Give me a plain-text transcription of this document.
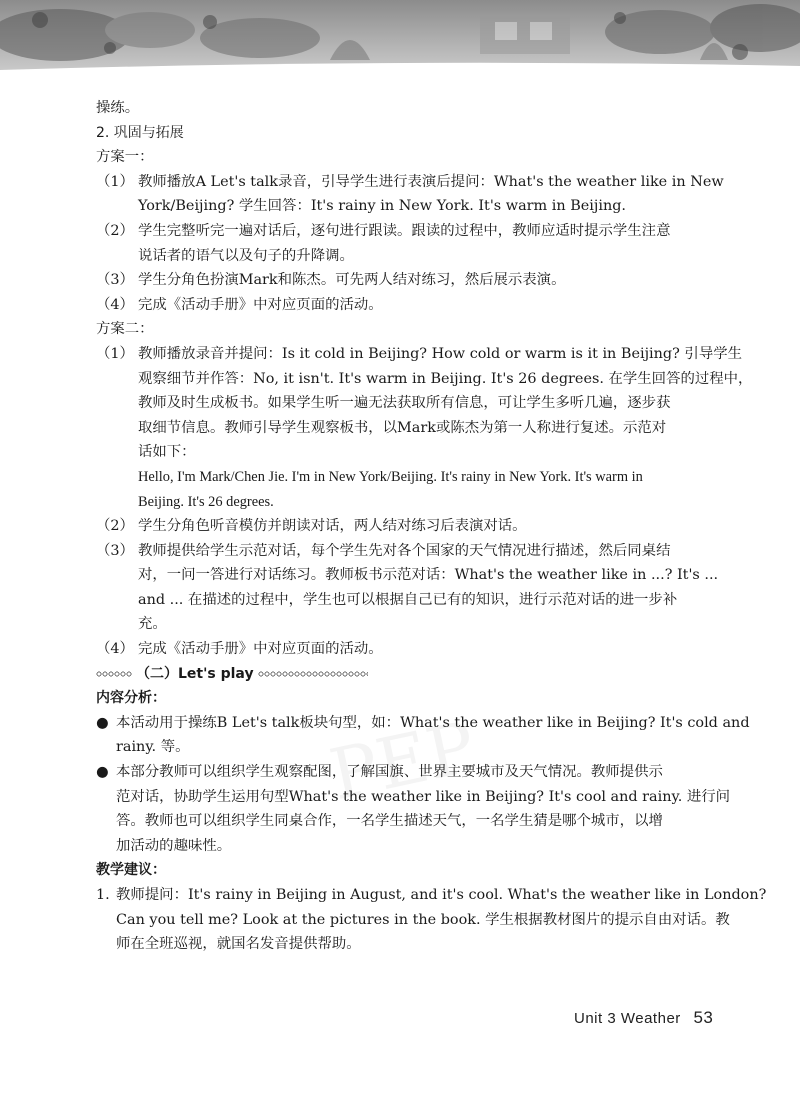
操练。
2. 巩固与拓展
方案一：
（1） 教师播放A Let's talk录音，引导学生进行表演后提问：What's the weather like in New
York/Beijing? 学生回答：It's rainy in New York. It's warm in Beijing.
（2） 学生完整听完一遍对话后，逐句进行跟读。跟读的过程中，教师应适时提示学生注意
说话者的语气以及句子的升降调。
（3） 学生分角色扮演Mark和陈杰。可先两人结对练习，然后展示表演。
（4） 完成《活动手册》中对应页面的活动。
方案二：
（1） 教师播放录音并提问：Is it cold in Beijing? How cold or warm is it in Beijing? 引导学生
观察细节并作答：No, it isn't. It's warm in Beijing. It's 26 degrees. 在学生回答的过程中，
教师及时生成板书。如果学生听一遍无法获取所有信息，可让学生多听几遍，逐步获
取细节信息。教师引导学生观察板书，以Mark或陈杰为第一人称进行复述。示范对
话如下：
Hello, I'm Mark/Chen Jie. I'm in New York/Beijing. It's rainy in New York. It's warm in
Beijing. It's 26 degrees.
（2） 学生分角色听音模仿并朗读对话，两人结对练习后表演对话。
（3） 教师提供给学生示范对话，每个学生先对各个国家的天气情况进行描述，然后同桌结
对，一问一答进行对话练习。教师板书示范对话：What's the weather like in ...? It's ...
and ... 在描述的过程中，学生也可以根据自己已有的知识，进行示范对话的进一步补
充。
（4） 完成《活动手册》中对应页面的活动。
（二）Let's play
内容分析：
● 本活动用于操练B Let's talk板块句型，如：What's the weather like in Beijing? It's cold and
rainy. 等。
● 本部分教师可以组织学生观察配图，了解国旗、世界主要城市及天气情况。教师提供示
范对话，协助学生运用句型What's the weather like in Beijing? It's cool and rainy. 进行问
答。教师也可以组织学生同桌合作，一名学生描述天气，一名学生猜是哪个城市，以增
加活动的趣味性。
教学建议：
1. 教师提问：It's rainy in Beijing in August, and it's cool. What's the weather like in London?
Can you tell me? Look at the pictures in the book. 学生根据教材图片的提示自由对话。教
师在全班巡视，就国名发音提供帮助。
Unit 3 Weather 53
